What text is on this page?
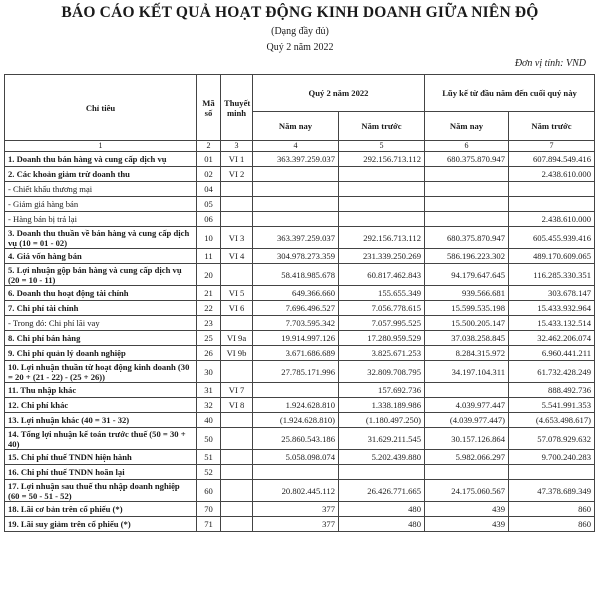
BÁO CÁO KẾT QUẢ HOẠT ĐỘNG KINH DOANH GIỮA NIÊN ĐỘ
(Dạng đầy đủ)
Quý 2 năm 2022
Đơn vị tính: VND
Chỉ tiêu	Mã số	Thuyết minh	Quý 2 năm 2022		Lũy kế từ đầu năm đến cuối quý này	
			Năm nay	Năm trước	Năm nay	Năm trước
1	2	3	4	5	6	7
1. Doanh thu bán hàng và cung cấp dịch vụ	01	VI 1	363.397.259.037	292.156.713.112	680.375.870.947	607.894.549.416
2. Các khoản giảm trừ doanh thu	02	VI 2				2.438.610.000
- Chiết khấu thương mại	04					
- Giảm giá hàng bán	05					
- Hàng bán bị trả lại	06					2.438.610.000
3. Doanh thu thuần về bán hàng và cung cấp dịch vụ (10 = 01 - 02)	10	VI 3	363.397.259.037	292.156.713.112	680.375.870.947	605.455.939.416
4. Giá vốn hàng bán	11	VI 4	304.978.273.359	231.339.250.269	586.196.223.302	489.170.609.065
5. Lợi nhuận gộp bán hàng và cung cấp dịch vụ (20 = 10 - 11)	20		58.418.985.678	60.817.462.843	94.179.647.645	116.285.330.351
6. Doanh thu hoạt động tài chính	21	VI 5	649.366.660	155.655.349	939.566.681	303.678.147
7. Chi phí tài chính	22	VI 6	7.696.496.527	7.056.778.615	15.599.535.198	15.433.932.964
- Trong đó: Chi phí lãi vay	23		7.703.595.342	7.057.995.525	15.500.205.147	15.433.132.514
8. Chi phí bán hàng	25	VI 9a	19.914.997.126	17.280.959.529	37.038.258.845	32.462.206.074
9. Chi phí quản lý doanh nghiệp	26	VI 9b	3.671.686.689	3.825.671.253	8.284.315.972	6.960.441.211
10. Lợi nhuận thuần từ hoạt động kinh doanh (30 = 20 + (21 - 22) - (25 + 26))	30		27.785.171.996	32.809.708.795	34.197.104.311	61.732.428.249
11. Thu nhập khác	31	VI 7		157.692.736		888.492.736
12. Chi phí khác	32	VI 8	1.924.628.810	1.338.189.986	4.039.977.447	5.541.991.353
13. Lợi nhuận khác (40 = 31 - 32)	40		(1.924.628.810)	(1.180.497.250)	(4.039.977.447)	(4.653.498.617)
14. Tổng lợi nhuận kế toán trước thuế (50 = 30 + 40)	50		25.860.543.186	31.629.211.545	30.157.126.864	57.078.929.632
15. Chi phí thuế TNDN hiện hành	51		5.058.098.074	5.202.439.880	5.982.066.297	9.700.240.283
16. Chi phí thuế TNDN hoãn lại	52					
17. Lợi nhuận sau thuế thu nhập doanh nghiệp (60 = 50 - 51 - 52)	60		20.802.445.112	26.426.771.665	24.175.060.567	47.378.689.349
18. Lãi cơ bản trên cổ phiếu (*)	70		377	480	439	860
19. Lãi suy giảm trên cổ phiếu (*)	71		377	480	439	860
